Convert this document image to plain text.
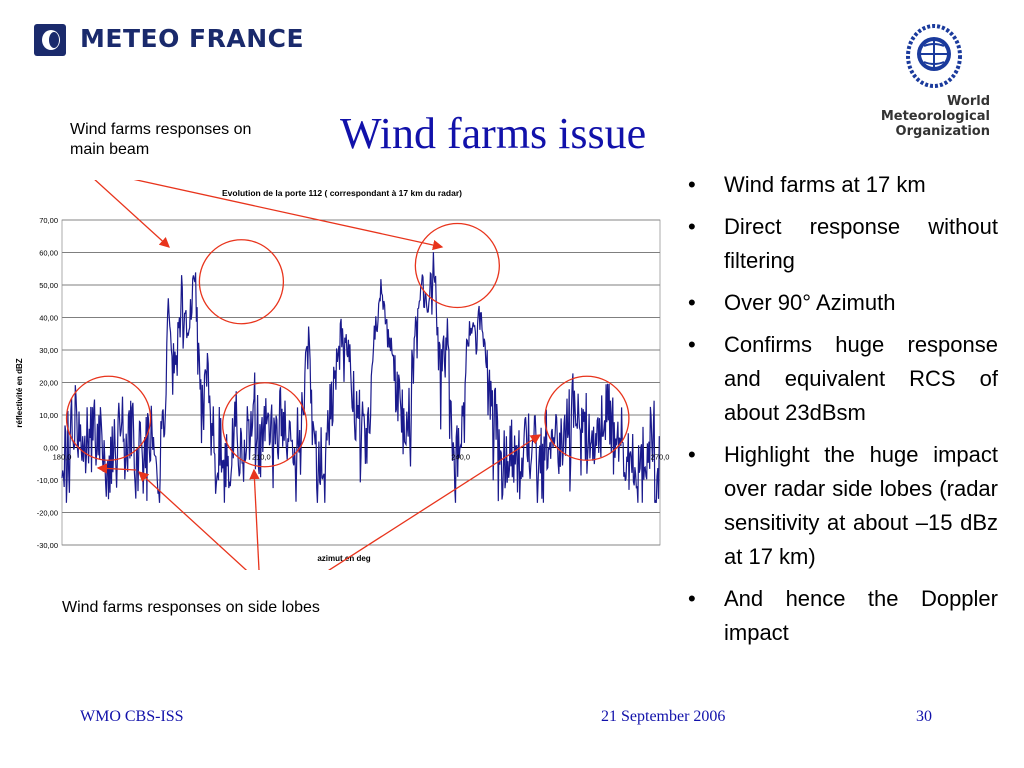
METEO FRANCE
World
Meteorological
Organization
Wind farms issue
Wind farms responses on main beam
Wind farms responses on side lobes
Evolution de la porte 112 ( correspondant à 17 km du radar)
70,00
60,00
50,00
40,00
30,00
20,00
10,00
0,00
-10,00
-20,00
-30,00
180,0	210,0	240,0	270,0
azimut en deg
réflectivité en dBZ
• Wind farms at 17 km
• Direct response without filtering
• Over 90° Azimuth
• Confirms huge response and equivalent RCS of about 23dBsm
• Highlight the huge impact over radar side lobes (radar sensitivity at about –15 dBz at 17 km)
• And hence the Doppler impact
WMO CBS-ISS	21 September 2006	30
